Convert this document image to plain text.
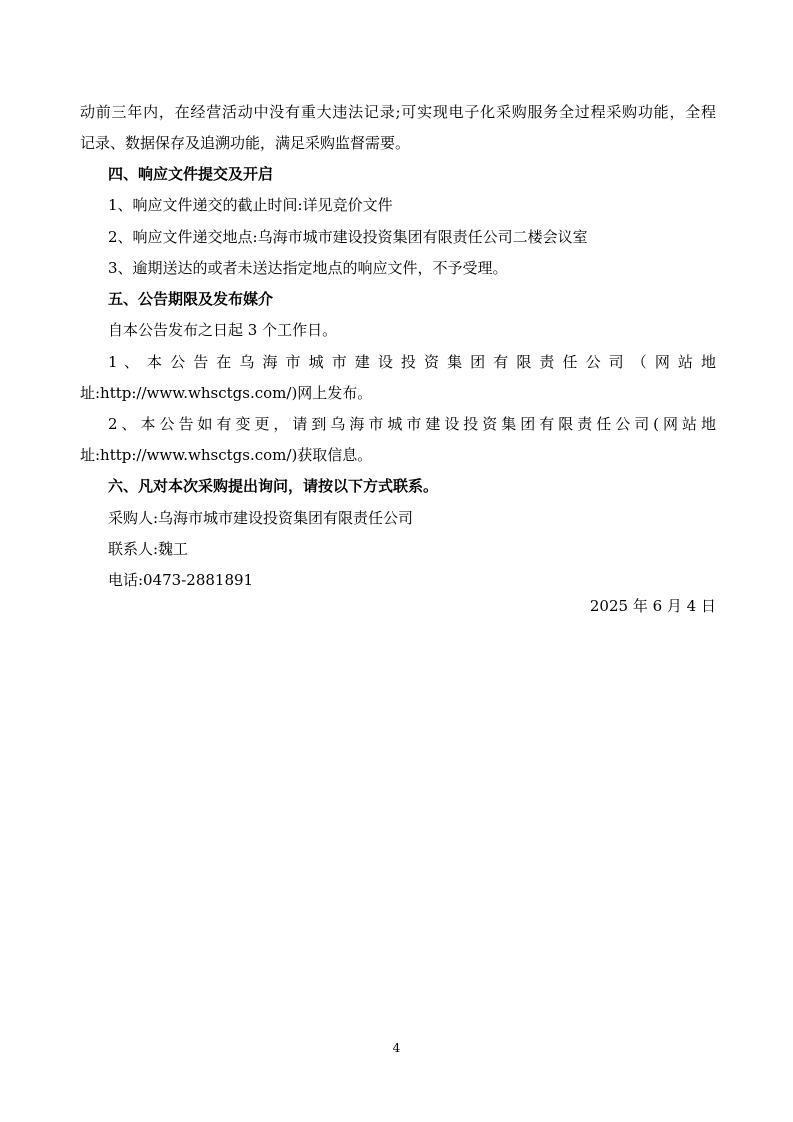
动前三年内，在经营活动中没有重大违法记录;可实现电子化采购服务全过程采购功能，全程
记录、数据保存及追溯功能，满足采购监督需要。
四、响应文件提交及开启
1、响应文件递交的截止时间:详见竞价文件
2、响应文件递交地点:乌海市城市建设投资集团有限责任公司二楼会议室
3、逾期送达的或者未送达指定地点的响应文件，不予受理。
五、公告期限及发布媒介
自本公告发布之日起 3 个工作日。
1 、 本 公 告 在 乌 海 市 城 市 建 设 投 资 集 团 有 限 责 任 公 司 （ 网 站 地
址:http://www.whsctgs.com/)网上发布。
2、本公告如有变更，请到乌海市城市建设投资集团有限责任公司(网站地
址:http://www.whsctgs.com/)获取信息。
六、凡对本次采购提出询问，请按以下方式联系。
采购人:乌海市城市建设投资集团有限责任公司
联系人:魏工
电话:0473-2881891
2025 年 6 月 4 日
4
